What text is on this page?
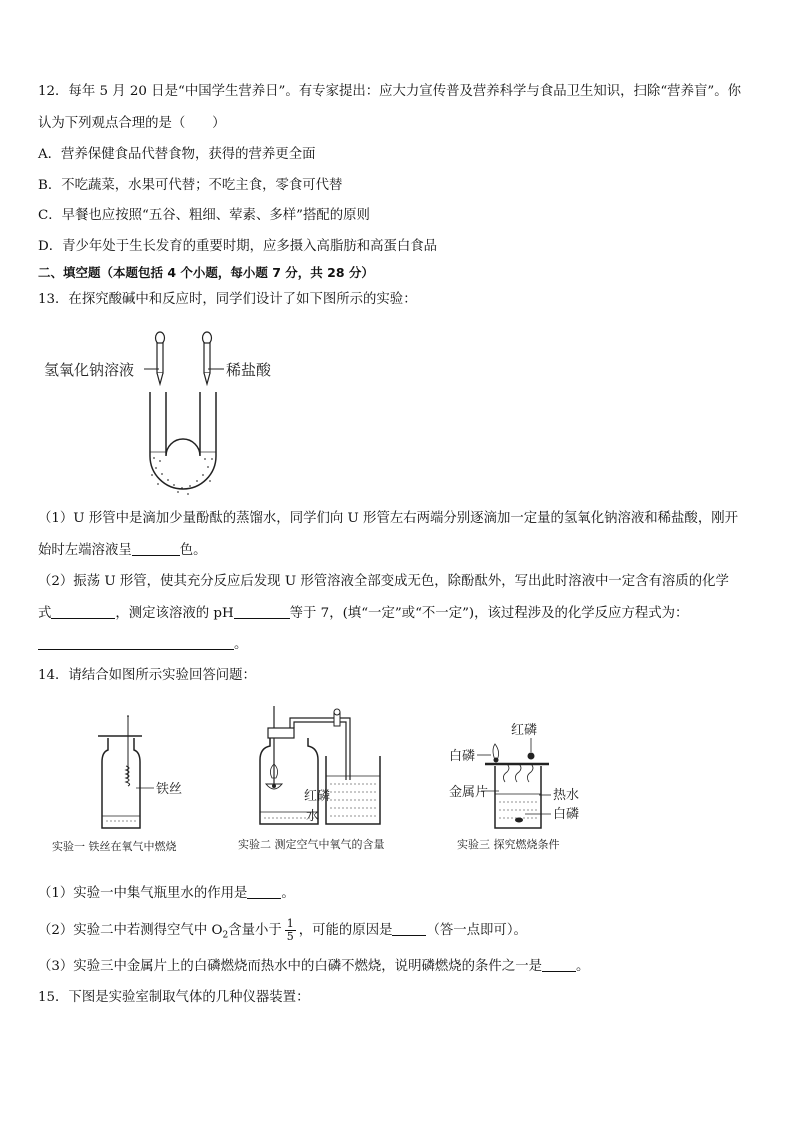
12．每年 5 月 20 日是“中国学生营养日”。有专家提出：应大力宣传普及营养科学与食品卫生知识，扫除“营养盲”。你
认为下列观点合理的是（　　）
A．营养保健食品代替食物，获得的营养更全面
B．不吃蔬菜，水果可代替；不吃主食，零食可代替
C．早餐也应按照“五谷、粗细、荤素、多样”搭配的原则
D．青少年处于生长发育的重要时期，应多摄入高脂肪和高蛋白食品
二、填空题（本题包括 4 个小题，每小题 7 分，共 28 分）
13．在探究酸碱中和反应时，同学们设计了如下图所示的实验：
氢氧化钠溶液	稀盐酸
（1）U 形管中是滴加少量酚酞的蒸馏水，同学们向 U 形管左右两端分别逐滴加一定量的氢氧化钠溶液和稀盐酸，刚开
始时左端溶液呈	色。
（2）振荡 U 形管，使其充分反应后发现 U 形管溶液全部变成无色，除酚酞外，写出此时溶液中一定含有溶质的化学
式	，测定该溶液的 pH	等于 7，(填“一定”或“不一定”)，该过程涉及的化学反应方程式为：
。
14．请结合如图所示实验回答问题：
铁丝
实验一 铁丝在氧气中燃烧
红磷
水
实验二 测定空气中氧气的含量
红磷
白磷
金属片	热水
白磷
实验三 探究燃烧条件
（1）实验一中集气瓶里水的作用是	。
（2）实验二中若测得空气中 $O_2$含量小于 $\frac{1}{5}$ ，可能的原因是	（答一点即可）。
（3）实验三中金属片上的白磷燃烧而热水中的白磷不燃烧，说明磷燃烧的条件之一是	。
15．下图是实验室制取气体的几种仪器装置：
